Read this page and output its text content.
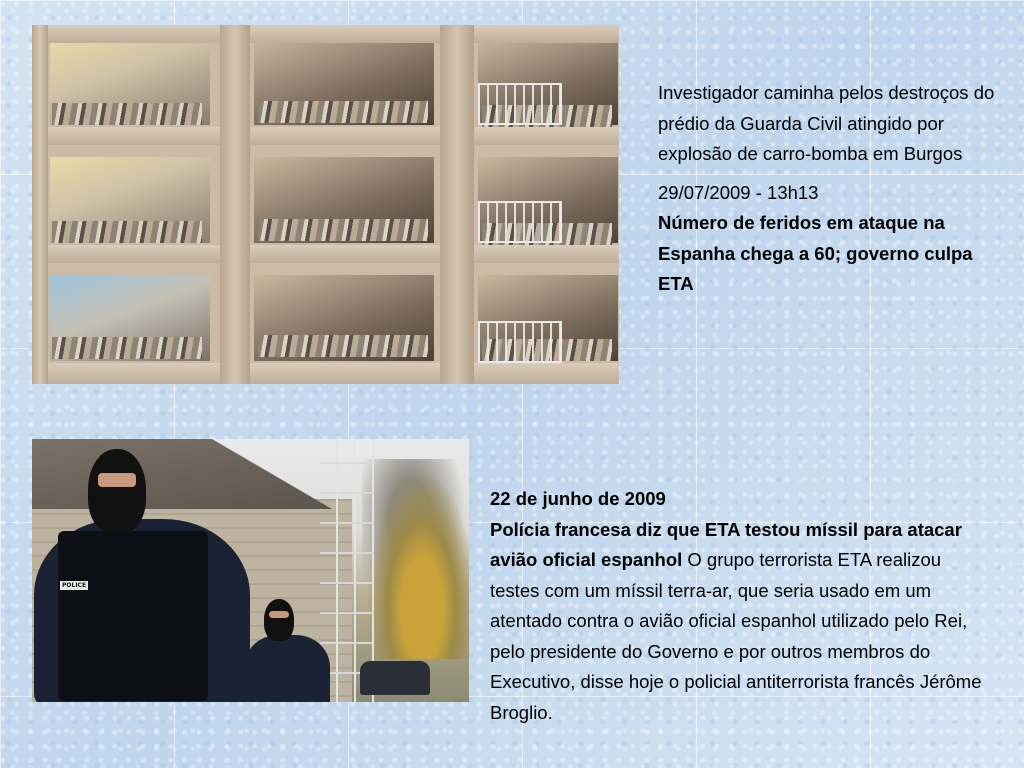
Investigador caminha pelos destroços do prédio da Guarda Civil atingido por explosão de carro-bomba em Burgos

29/07/2009 - 13h13

Número de feridos em ataque na Espanha chega a 60; governo culpa ETA

POLICE

22 de junho de 2009

Polícia francesa diz que ETA testou míssil para atacar avião oficial espanhol O grupo terrorista ETA realizou testes com um míssil terra-ar, que seria usado em um atentado contra o avião oficial espanhol utilizado pelo Rei, pelo presidente do Governo e por outros membros do Executivo, disse hoje o policial antiterrorista francês Jérôme Broglio.
